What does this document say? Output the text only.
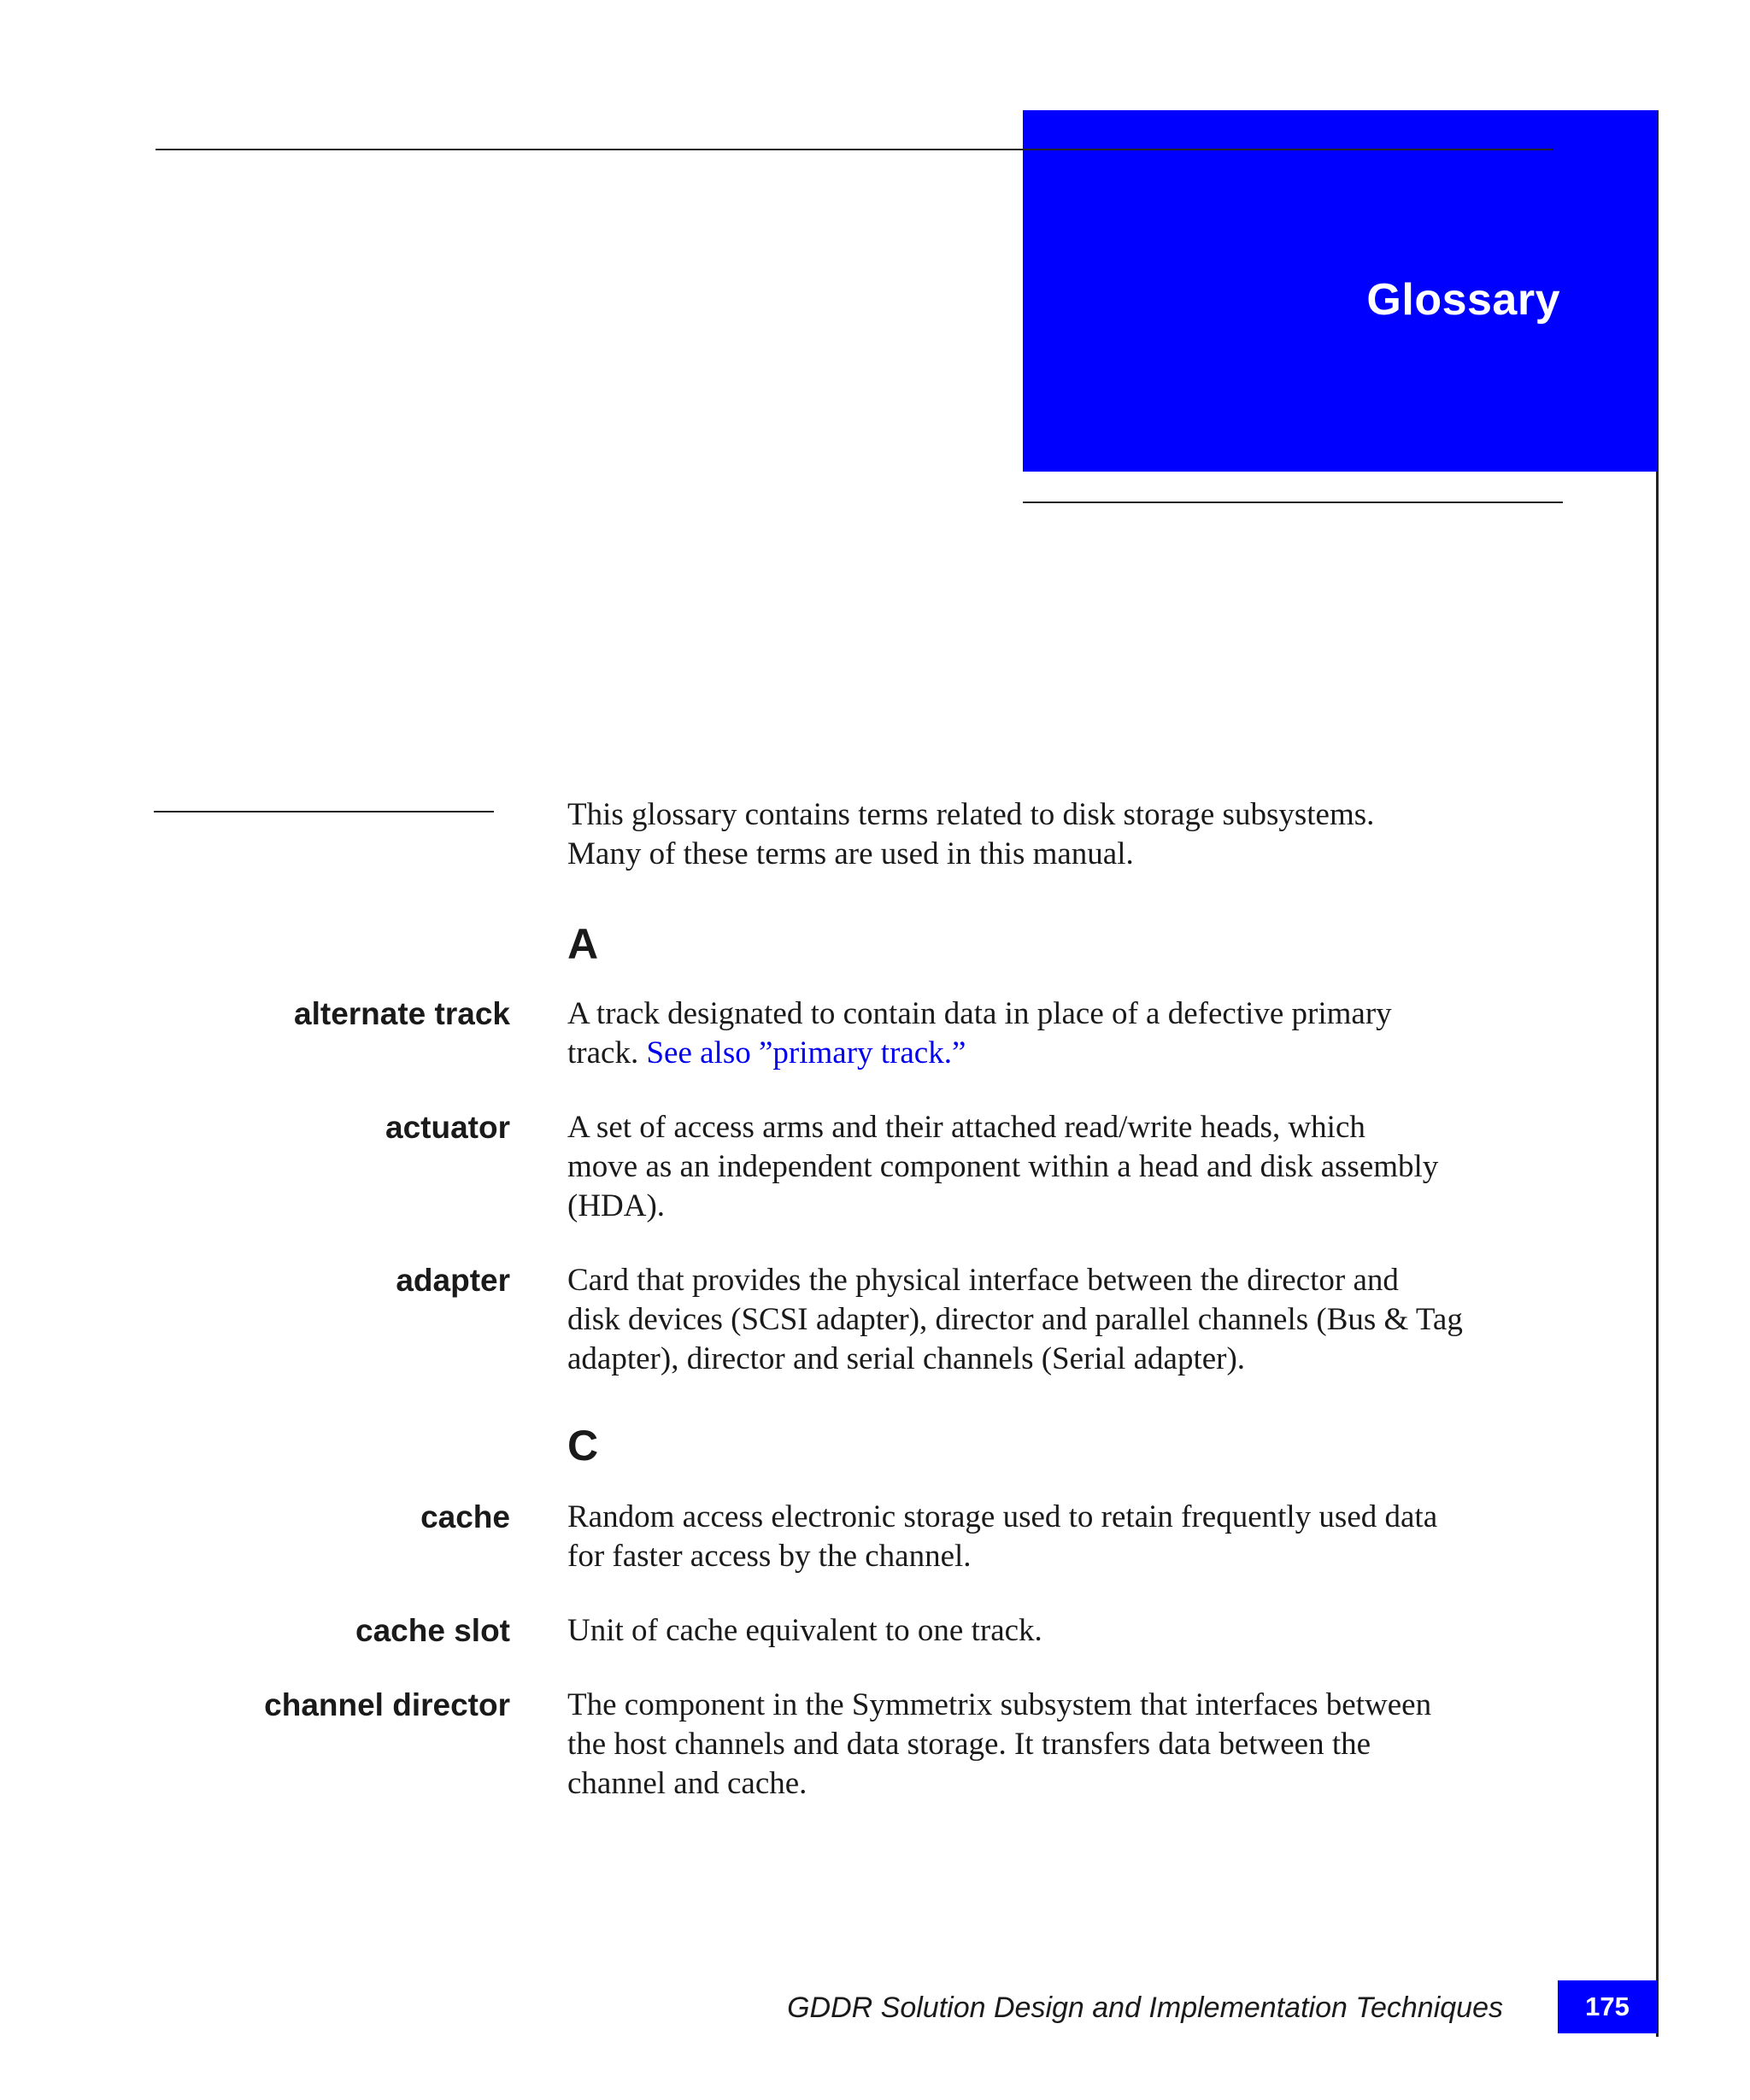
Glossary

This glossary contains terms related to disk storage subsystems.
Many of these terms are used in this manual.

A

alternate track A track designated to contain data in place of a defective primary
track. See also ”primary track.”

actuator A set of access arms and their attached read/write heads, which
move as an independent component within a head and disk assembly
(HDA).

adapter Card that provides the physical interface between the director and
disk devices (SCSI adapter), director and parallel channels (Bus & Tag
adapter), director and serial channels (Serial adapter).

C

cache Random access electronic storage used to retain frequently used data
for faster access by the channel.

cache slot Unit of cache equivalent to one track.

channel director The component in the Symmetrix subsystem that interfaces between
the host channels and data storage. It transfers data between the
channel and cache.

GDDR Solution Design and Implementation Techniques	175
